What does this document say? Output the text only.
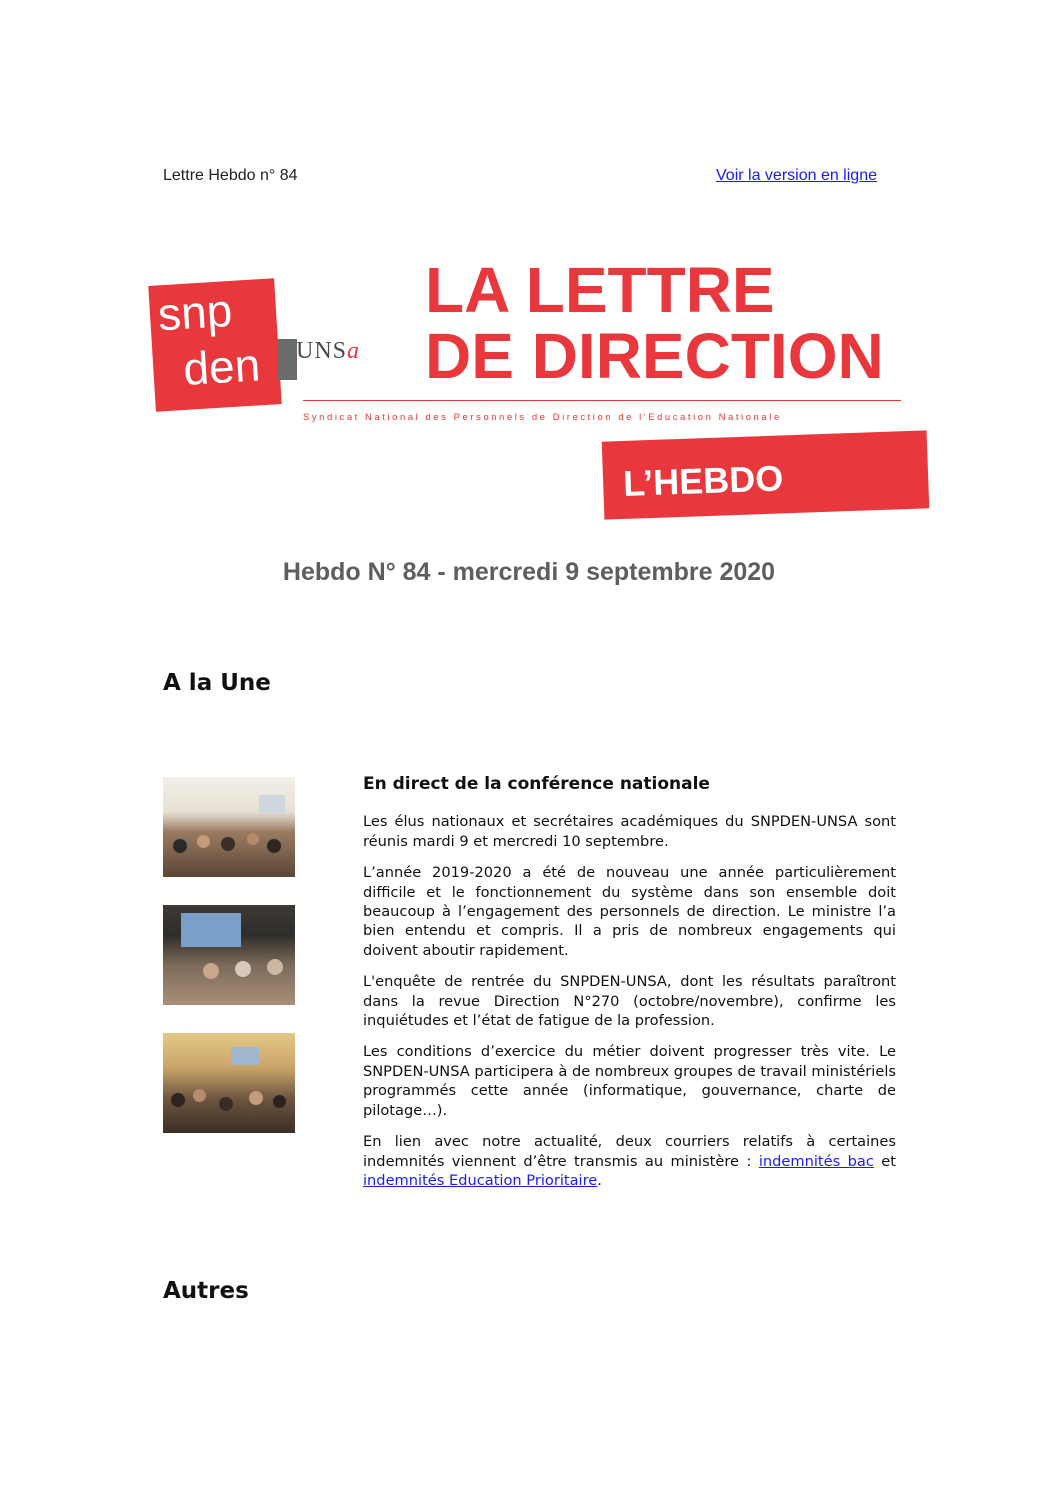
Lettre Hebdo n° 84	Voir la version en ligne
snp
den UNSa
LA LETTRE
DE DIRECTION
Syndicat National des Personnels de Direction de l'Education Nationale
L’HEBDO
Hebdo N° 84 - mercredi 9 septembre 2020
A la Une
En direct de la conférence nationale

Les élus nationaux et secrétaires académiques du SNPDEN-UNSA sont réunis mardi 9 et mercredi 10 septembre.

L’année 2019-2020 a été de nouveau une année particulièrement difficile et le fonctionnement du système dans son ensemble doit beaucoup à l’engagement des personnels de direction. Le ministre l’a bien entendu et compris. Il a pris de nombreux engagements qui doivent aboutir rapidement.

L'enquête de rentrée du SNPDEN-UNSA, dont les résultats paraîtront dans la revue Direction N°270 (octobre/novembre), confirme les inquiétudes et l’état de fatigue de la profession.

Les conditions d’exercice du métier doivent progresser très vite. Le SNPDEN-UNSA participera à de nombreux groupes de travail ministériels programmés cette année (informatique, gouvernance, charte de pilotage…).

En lien avec notre actualité, deux courriers relatifs à certaines indemnités viennent d’être transmis au ministère : indemnités bac et indemnités Education Prioritaire.

Autres
